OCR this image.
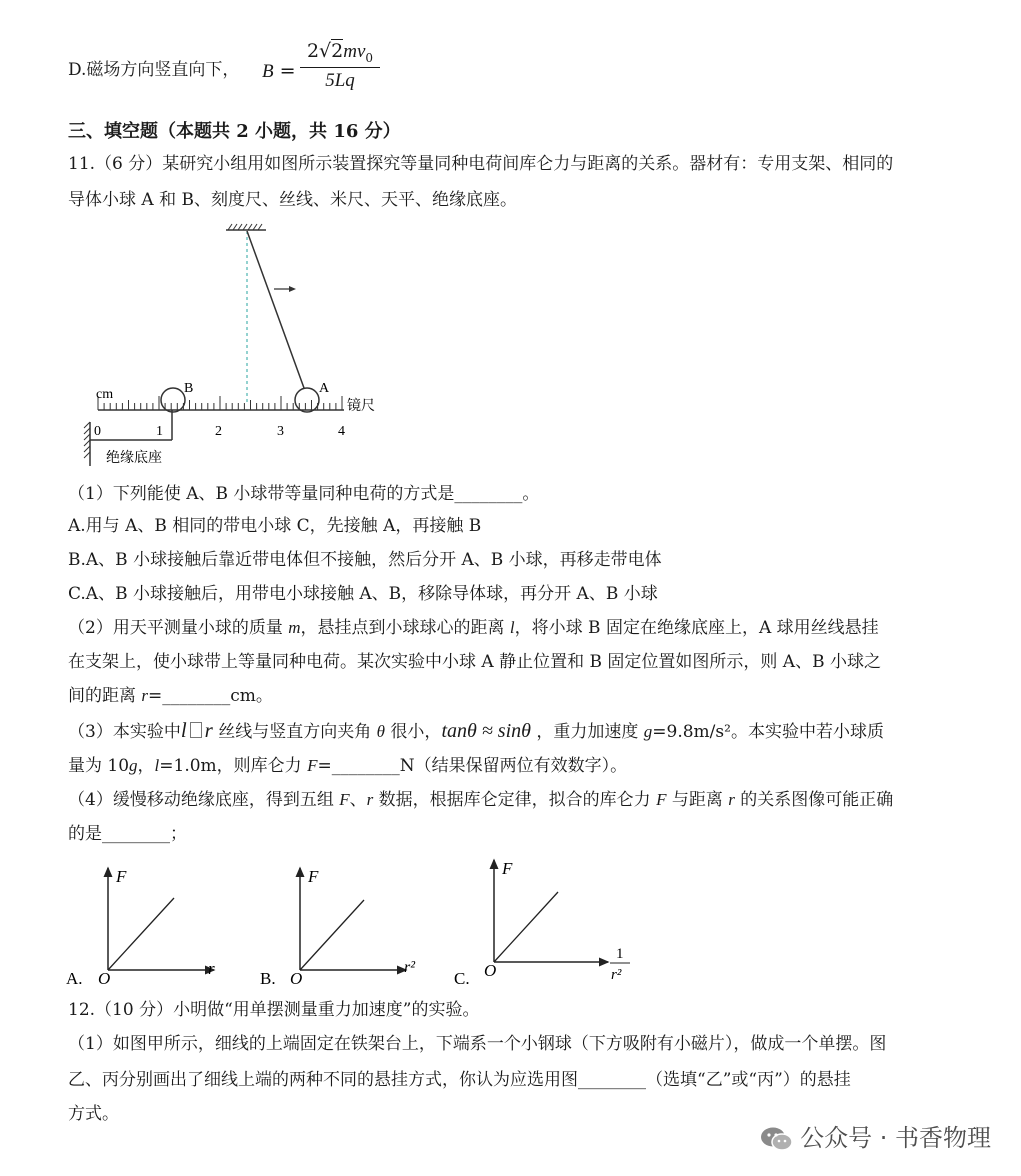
D.磁场方向竖直向下， $B = \frac{2√2mv_0}{5Lq}$
三、填空题（本题共 2 小题，共 16 分）
11.（6 分）某研究小组用如图所示装置探究等量同种电荷间库仑力与距离的关系。器材有：专用支架、相同的
导体小球 A 和 B、刻度尺、丝线、米尺、天平、绝缘底座。
B	A
cm
镜尺
0	1	2	3	4
绝缘底座
（1）下列能使 A、B 小球带等量同种电荷的方式是________。
A.用与 A、B 相同的带电小球 C，先接触 A，再接触 B
B.A、B 小球接触后靠近带电体但不接触，然后分开 A、B 小球，再移走带电体
C.A、B 小球接触后，用带电小球接触 A、B，移除导体球，再分开 A、B 小球
（2）用天平测量小球的质量 m，悬挂点到小球球心的距离 l，将小球 B 固定在绝缘底座上，A 球用丝线悬挂
在支架上，使小球带上等量同种电荷。某次实验中小球 A 静止位置和 B 固定位置如图所示，则 A、B 小球之
间的距离 r=________cm。
（3）本实验中l r 丝线与竖直方向夹角 θ 很小，tanθ ≈ sinθ ，重力加速度 g=9.8m/s²。本实验中若小球质
量为 10g，l=1.0m，则库仑力 F=________N（结果保留两位有效数字）。
（4）缓慢移动绝缘底座，得到五组 F、r 数据，根据库仑定律，拟合的库仑力 F 与距离 r 的关系图像可能正确
的是________；
A.
F
O
r
B.
F
O
r²
C.
F
O
1
r²
12.（10 分）小明做“用单摆测量重力加速度”的实验。
（1）如图甲所示，细线的上端固定在铁架台上，下端系一个小钢球（下方吸附有小磁片），做成一个单摆。图
乙、丙分别画出了细线上端的两种不同的悬挂方式，你认为应选用图________（选填“乙”或“丙”）的悬挂
方式。
公众号 · 书香物理
